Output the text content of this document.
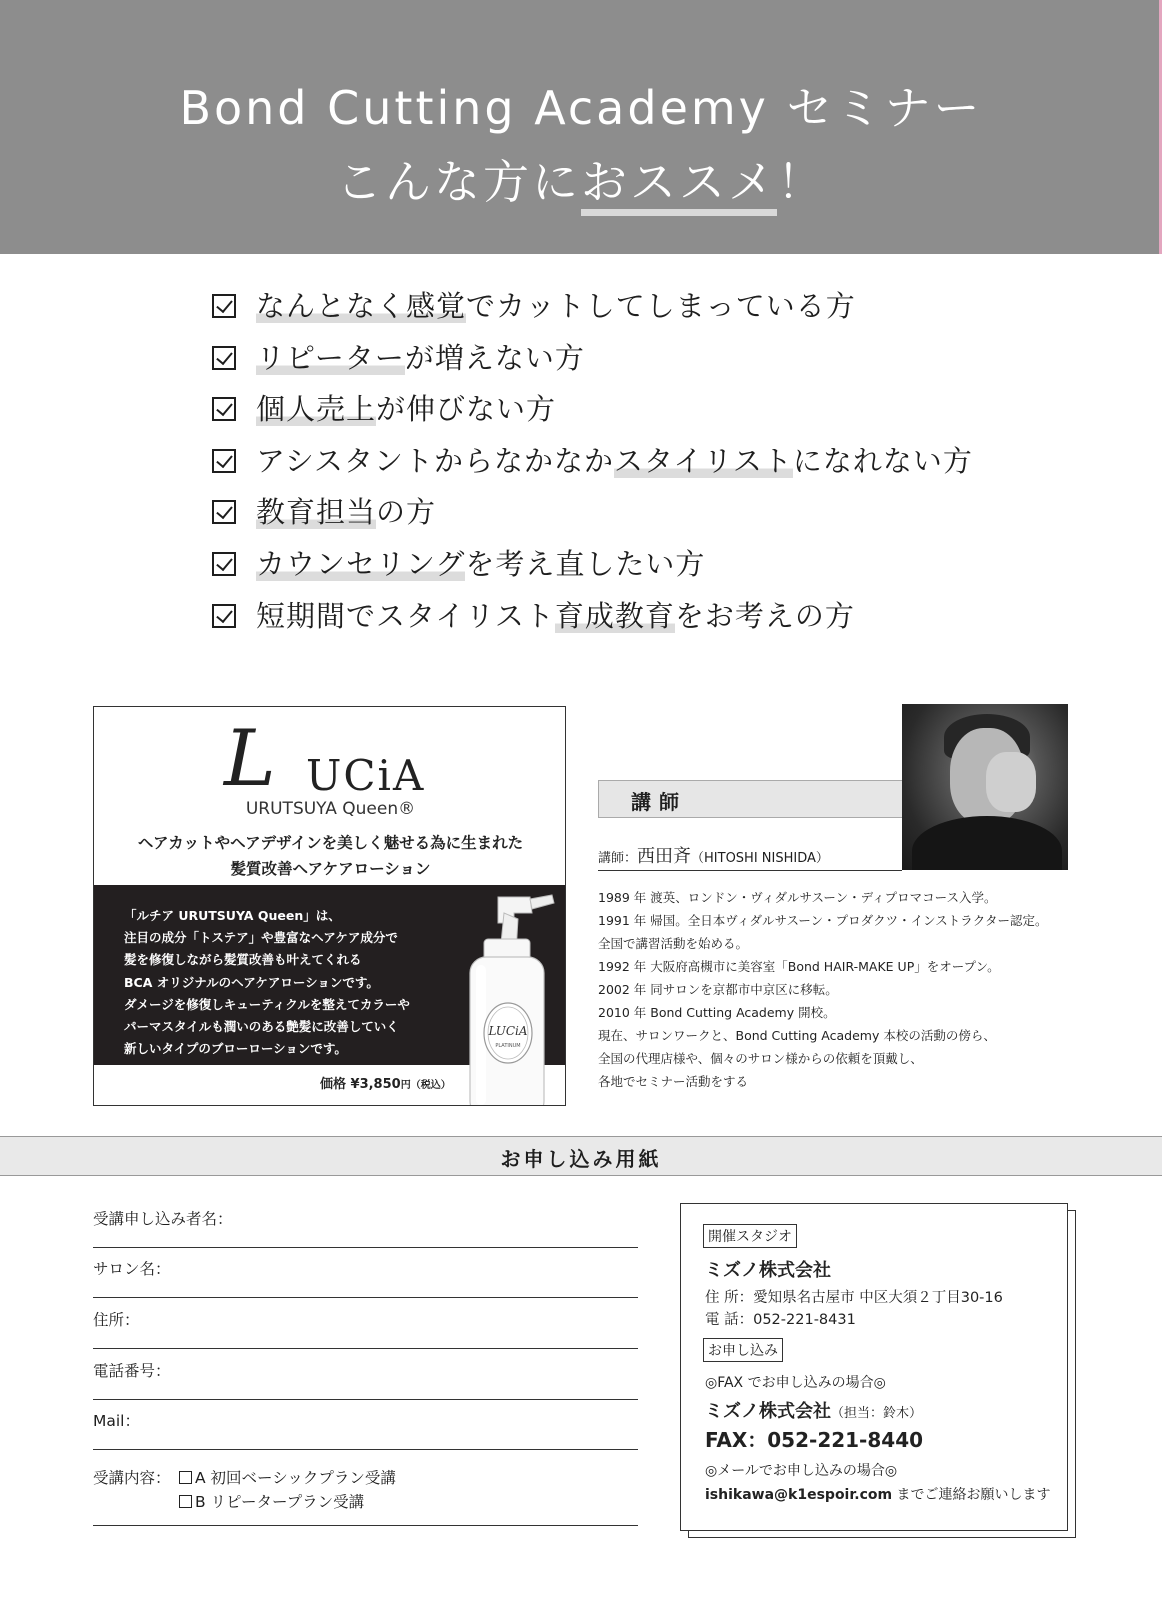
Bond Cutting Academy セミナー
こんな方におススメ！
なんとなく感覚でカットしてしまっている方
リピーターが増えない方
個人売上が伸びない方
アシスタントからなかなかスタイリストになれない方
教育担当の方
カウンセリングを考え直したい方
短期間でスタイリスト育成教育をお考えの方
L UCiA
URUTSUYA Queen®
ヘアカットやヘアデザインを美しく魅せる為に生まれた
髪質改善ヘアケアローション
「ルチア URUTSUYA Queen」は、
注目の成分「トステア」や豊富なヘアケア成分で
髪を修復しながら髪質改善も叶えてくれる
BCA オリジナルのヘアケアローションです。
ダメージを修復しキューティクルを整えてカラーや
パーマスタイルも潤いのある艶髪に改善していく
新しいタイプのブローローションです。
価格 ¥3,850円（税込）
LUCiA
PLATINUM
講師
講師：西田斉（HITOSHI NISHIDA）
1989 年 渡英、ロンドン・ヴィダルサスーン・ディプロマコース入学。
1991 年 帰国。全日本ヴィダルサスーン・プロダクツ・インストラクター認定。
全国で講習活動を始める。
1992 年 大阪府高槻市に美容室「Bond HAIR-MAKE UP」をオープン。
2002 年 同サロンを京都市中京区に移転。
2010 年 Bond Cutting Academy 開校。
現在、サロンワークと、Bond Cutting Academy 本校の活動の傍ら、
全国の代理店様や、個々のサロン様からの依頼を頂戴し、
各地でセミナー活動をする
お申し込み用紙
受講申し込み者名：
サロン名：
住所：
電話番号：
Mail：
受講内容：	A 初回ベーシックプラン受講
B リピータープラン受講
開催スタジオ
ミズノ株式会社
住 所：愛知県名古屋市 中区大須２丁目30-16
電 話：052-221-8431
お申し込み
◎FAX でお申し込みの場合◎
ミズノ株式会社（担当：鈴木）
FAX：052-221-8440
◎メールでお申し込みの場合◎
ishikawa@k1espoir.com までご連絡お願いします
